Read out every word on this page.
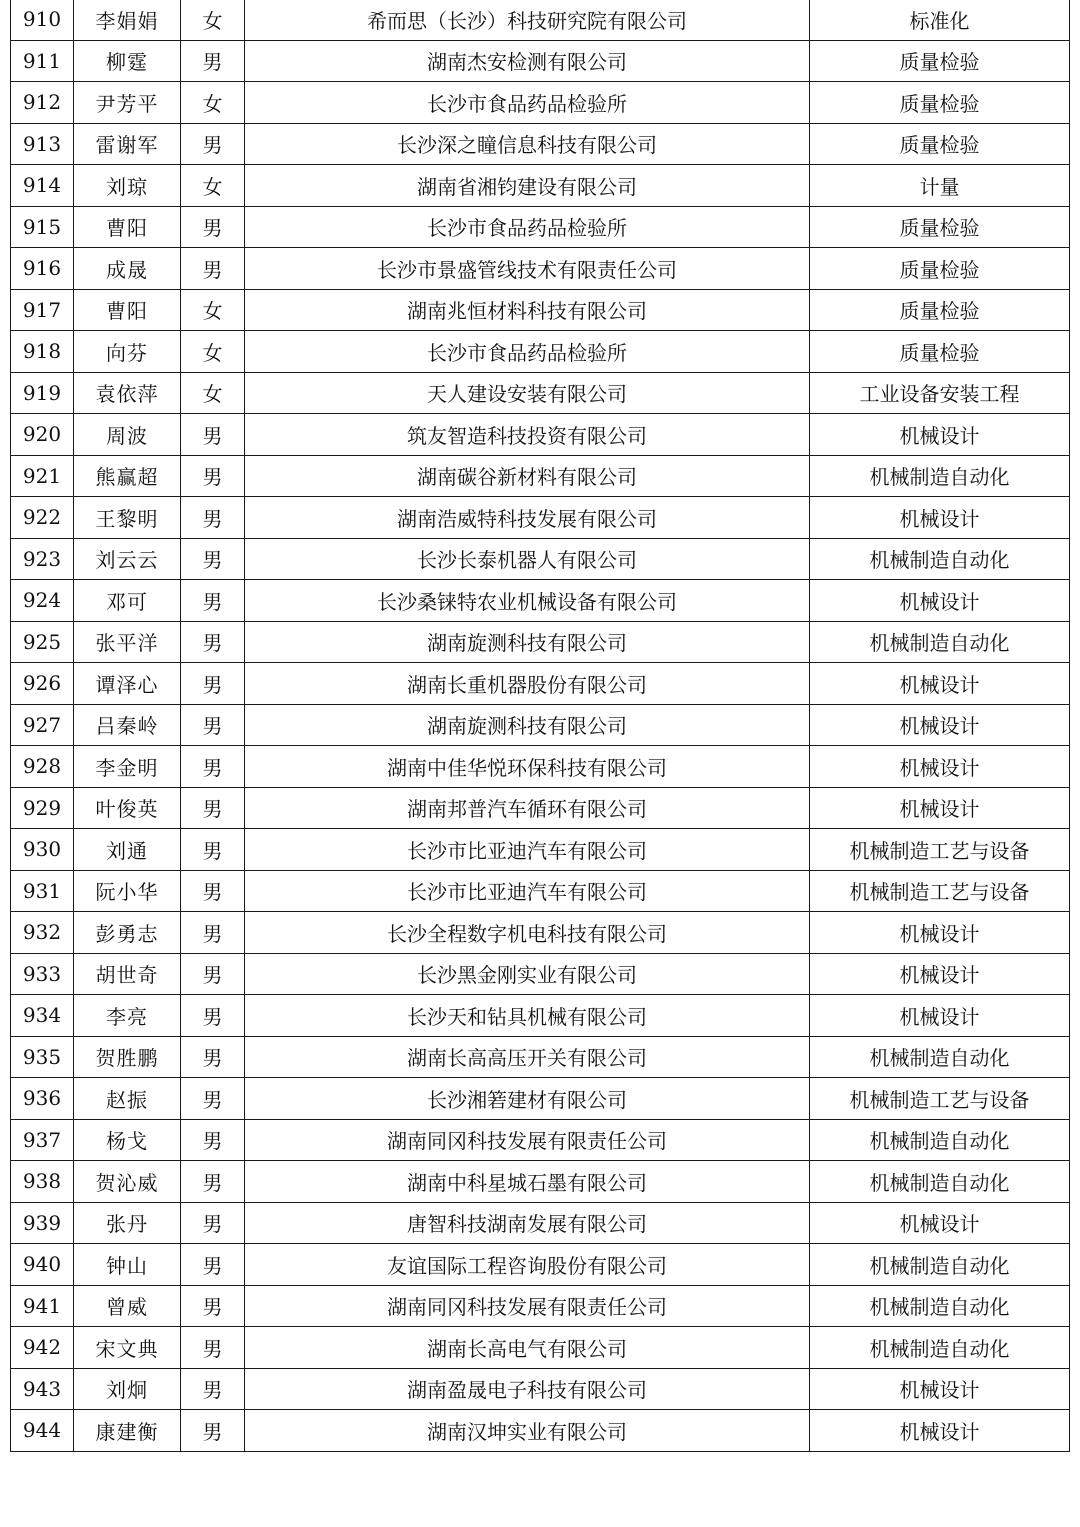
910	李娟娟	女	希而思（长沙）科技研究院有限公司	标准化
911	柳霆	男	湖南杰安检测有限公司	质量检验
912	尹芳平	女	长沙市食品药品检验所	质量检验
913	雷谢军	男	长沙深之瞳信息科技有限公司	质量检验
914	刘琼	女	湖南省湘钧建设有限公司	计量
915	曹阳	男	长沙市食品药品检验所	质量检验
916	成晟	男	长沙市景盛管线技术有限责任公司	质量检验
917	曹阳	女	湖南兆恒材料科技有限公司	质量检验
918	向芬	女	长沙市食品药品检验所	质量检验
919	袁依萍	女	天人建设安装有限公司	工业设备安装工程
920	周波	男	筑友智造科技投资有限公司	机械设计
921	熊赢超	男	湖南碳谷新材料有限公司	机械制造自动化
922	王黎明	男	湖南浩威特科技发展有限公司	机械设计
923	刘云云	男	长沙长泰机器人有限公司	机械制造自动化
924	邓可	男	长沙桑铼特农业机械设备有限公司	机械设计
925	张平洋	男	湖南旋测科技有限公司	机械制造自动化
926	谭泽心	男	湖南长重机器股份有限公司	机械设计
927	吕秦岭	男	湖南旋测科技有限公司	机械设计
928	李金明	男	湖南中佳华悦环保科技有限公司	机械设计
929	叶俊英	男	湖南邦普汽车循环有限公司	机械设计
930	刘通	男	长沙市比亚迪汽车有限公司	机械制造工艺与设备
931	阮小华	男	长沙市比亚迪汽车有限公司	机械制造工艺与设备
932	彭勇志	男	长沙全程数字机电科技有限公司	机械设计
933	胡世奇	男	长沙黑金刚实业有限公司	机械设计
934	李亮	男	长沙天和钻具机械有限公司	机械设计
935	贺胜鹏	男	湖南长高高压开关有限公司	机械制造自动化
936	赵振	男	长沙湘箬建材有限公司	机械制造工艺与设备
937	杨戈	男	湖南同冈科技发展有限责任公司	机械制造自动化
938	贺沁威	男	湖南中科星城石墨有限公司	机械制造自动化
939	张丹	男	唐智科技湖南发展有限公司	机械设计
940	钟山	男	友谊国际工程咨询股份有限公司	机械制造自动化
941	曾威	男	湖南同冈科技发展有限责任公司	机械制造自动化
942	宋文典	男	湖南长高电气有限公司	机械制造自动化
943	刘炯	男	湖南盈晟电子科技有限公司	机械设计
944	康建衡	男	湖南汉坤实业有限公司	机械设计
